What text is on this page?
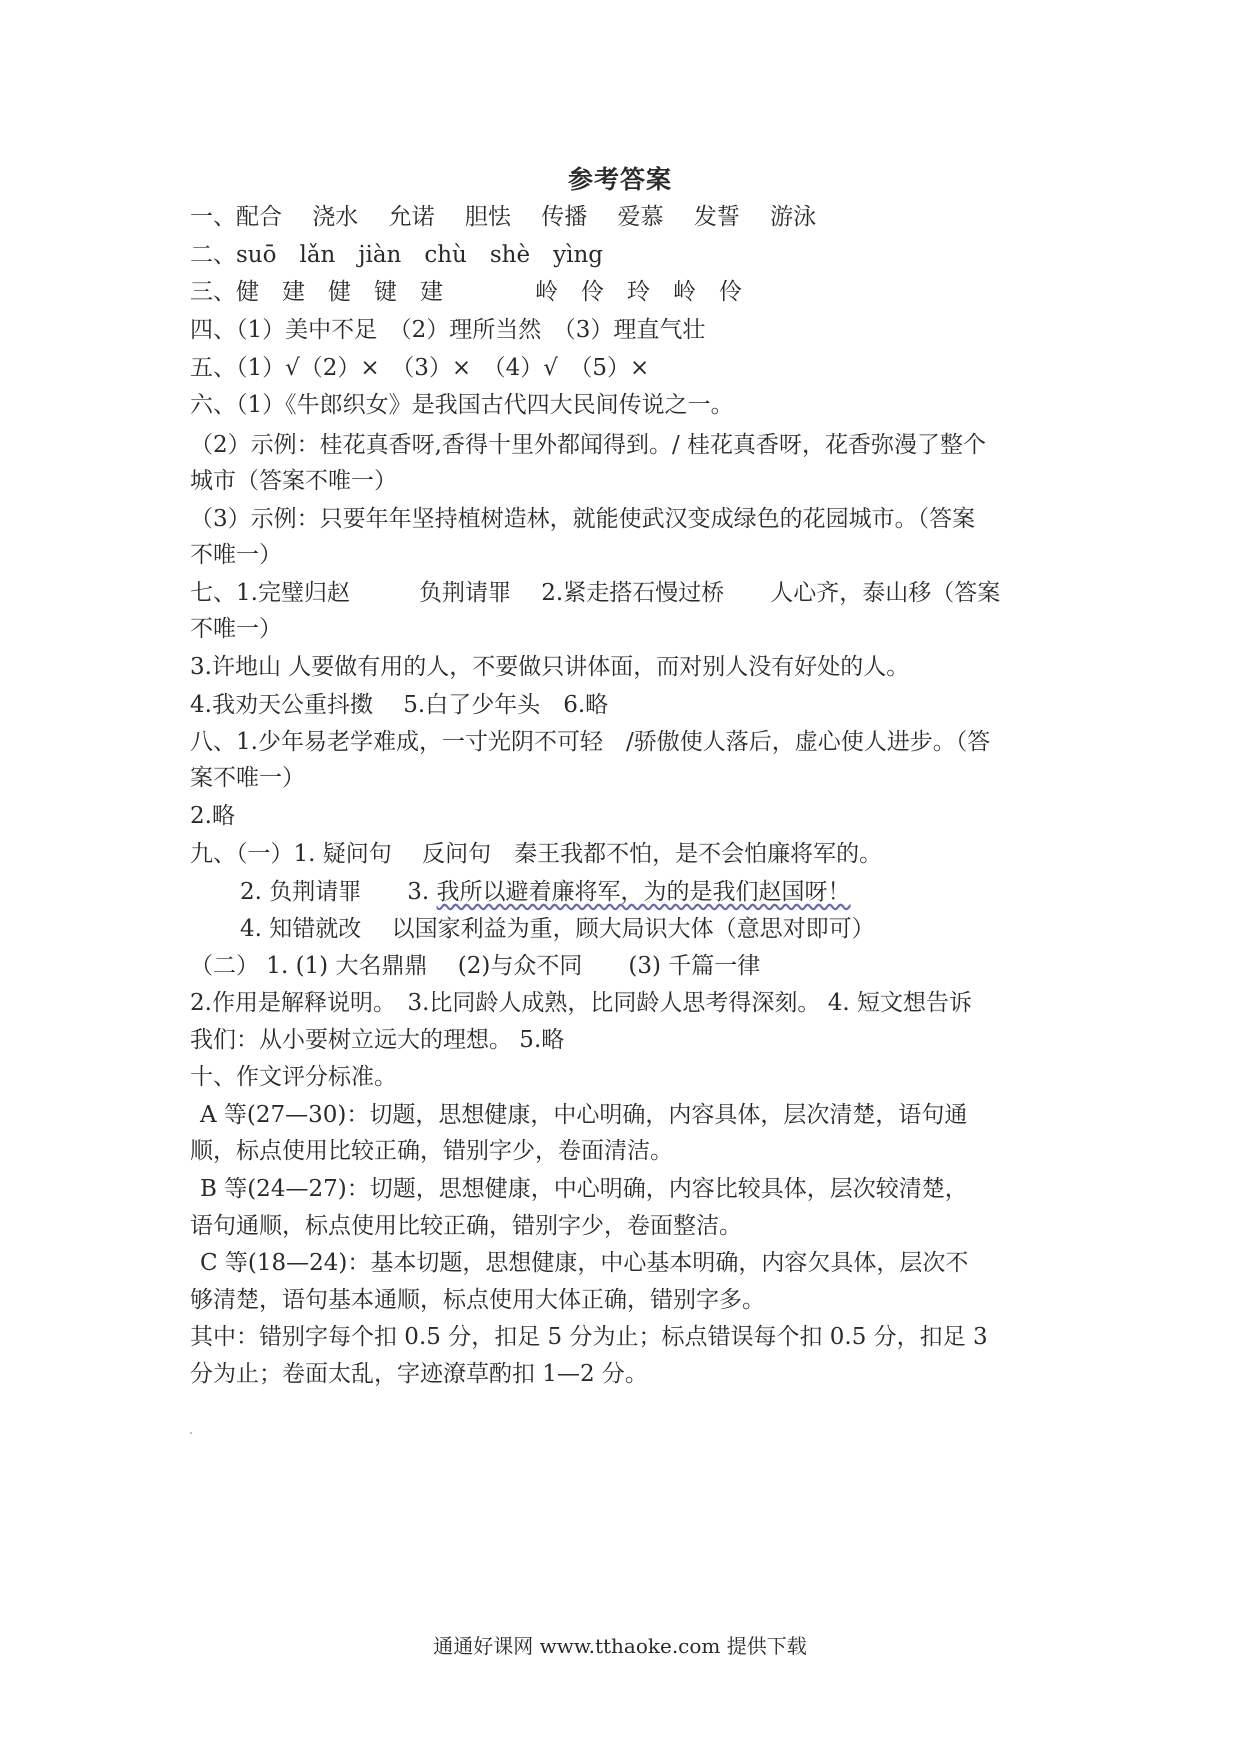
参考答案
一、配合　 浇水　 允诺　 胆怯　 传播　 爱慕　 发誓　 游泳
二、suō　lǎn　jiàn　chù　shè　yìng
三、健　建　健　键　建　　　　岭　伶　玲　岭　伶
四、（1）美中不足　（2）理所当然　（3）理直气壮
五、（1）√（2）×　（3）×　（4）√　（5）×
六、（1）《牛郎织女》是我国古代四大民间传说之一。
（2）示例：桂花真香呀,香得十里外都闻得到。/ 桂花真香呀，花香弥漫了整个
城市（答案不唯一）
（3）示例：只要年年坚持植树造林，就能使武汉变成绿色的花园城市。（答案
不唯一）
七、1.完璧归赵　　　负荆请罪　 2.紧走搭石慢过桥　　人心齐，泰山移（答案
不唯一）
3.许地山 人要做有用的人，不要做只讲体面，而对别人没有好处的人。
4.我劝天公重抖擞　 5.白了少年头　6.略
八、1.少年易老学难成，一寸光阴不可轻　/骄傲使人落后，虚心使人进步。（答
案不唯一）
2.略
九、（一）1. 疑问句　 反问句　秦王我都不怕，是不会怕廉将军的。
2. 负荆请罪　　3. 我所以避着廉将军，为的是我们赵国呀！
4. 知错就改　 以国家利益为重，顾大局识大体（意思对即可）
（二） 1. (1) 大名鼎鼎　 (2)与众不同　　(3) 千篇一律
2.作用是解释说明。　3.比同龄人成熟，比同龄人思考得深刻。 4. 短文想告诉
我们：从小要树立远大的理想。 5.略
十、作文评分标准。
A 等(27—30)：切题，思想健康，中心明确，内容具体，层次清楚，语句通
顺，标点使用比较正确，错别字少，卷面清洁。
B 等(24—27)：切题，思想健康，中心明确，内容比较具体，层次较清楚，
语句通顺，标点使用比较正确，错别字少，卷面整洁。
C 等(18—24)：基本切题，思想健康，中心基本明确，内容欠具体，层次不
够清楚，语句基本通顺，标点使用大体正确，错别字多。
其中：错别字每个扣 0.5 分，扣足 5 分为止；标点错误每个扣 0.5 分，扣足 3
分为止；卷面太乱，字迹潦草酌扣 1—2 分。
通通好课网 www.tthaoke.com 提供下载
